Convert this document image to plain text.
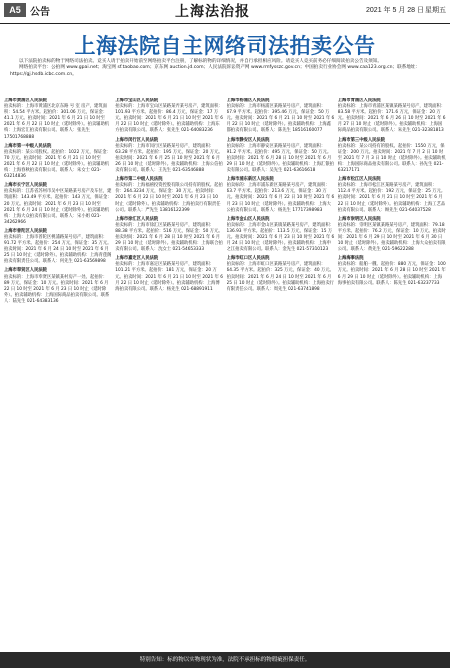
A5 公告	上海法治报	2021 年 5 月 28 日 星期五
上海法院自主网络司法拍卖公告

以下法院拍卖标的物于网络司法拍卖。竞买人请于拍卖开始前至网络拍卖平台注册，了解标的物的详细情况，并自行承担相应风险。请竞买人竞买前务必仔细阅读拍卖公告及须知。

网络拍卖平台：公拍网 www.gpai.net；淘宝网 sf.taobao.com；京东网 auction.jd.com；人民法院诉讼资产网 www.rmfysszc.gov.cn；中国拍卖行业协会网 www.caa123.org.cn；联系地址：https://gj.hsdb.icbc.com.cn。

上海市黄浦区人民法院
拍卖标的：上海市黄浦区北京东路 号 室 房产，建筑面积：54.54 平方米。起拍价：301.06 万元，保证金：41.1 万元。拍卖时间：2021 年 6 月 21 日 10 时至 2021 年 6 月 22 日 10 时止（延时除外）。拍卖辅助机构：上海宏汇拍卖有限公司。联系人：张先生 17501768888
上海市第一中级人民法院
拍卖标的：某公司股权。起拍价：1022 万元，保证金：70 万元。拍卖时间：2021 年 6 月 21 日 10 时至 2021 年 6 月 22 日 10 时止（延时除外）。拍卖辅助机构：上海春秋拍卖有限公司。联系人：朱女士 021-63214836
上海市长宁区人民法院
拍卖标的：江苏省苏州市吴中区某路某号房产及车位，建筑面积：143.49 平方米。起拍价：143 万元，保证金：20 万元。拍卖时间：2021 年 6 月 23 日 10 时至 2021 年 6 月 24 日 10 时止（延时除外）。拍卖辅助机构：上海大众拍卖有限公司。联系人：宋小姐 021-34262966
上海市普陀区人民法院
拍卖标的：上海市普陀区桃浦路某号房产，建筑面积：91.72 平方米。起拍价：254 万元，保证金：35 万元。拍卖时间：2021 年 6 月 24 日 10 时至 2021 年 6 月 25 日 10 时止（延时除外）。拍卖辅助机构：上海青莲阁拍卖有限责任公司。联系人：何先生 021-63569898
上海市奉贤区人民法院
拍卖标的：上海市奉贤区某镇某村房产一处。起拍价：89 万元，保证金：10 万元。拍卖时间：2021 年 6 月 22 日 10 时至 2021 年 6 月 23 日 10 时止（延时除外）。拍卖辅助机构：上海国际商品拍卖有限公司。联系人：陆先生 021-64383136
上海市宝山区人民法院
拍卖标的：上海市宝山区某路某弄某号房产，建筑面积：101.93 平方米。起拍价：86.4 万元，保证金：17 万元。拍卖时间：2021 年 6 月 21 日 10 时至 2021 年 6 月 22 日 10 时止（延时除外）。拍卖辅助机构：上海东方拍卖有限公司。联系人：张先生 021-64083236
上海市闵行区人民法院
拍卖标的：上海市闵行区某路某号房产，建筑面积：63.28 平方米。起拍价：195 万元，保证金：20 万元。拍卖时间：2021 年 6 月 25 日 10 时至 2021 年 6 月 26 日 10 时止（延时除外）。拍卖辅助机构：上海公信拍卖有限公司。联系人：王先生 021-63546888
上海市第二中级人民法院
拍卖标的：上海福禧投资控股有限公司持有的股权。起拍价：264.3234 万元，保证金：30 万元。拍卖时间：2021 年 6 月 22 日 10 时至 2021 年 6 月 23 日 10 时止（延时除外）。拍卖辅助机构：上海拍卖行有限责任公司。联系人：严先生 13816122399
上海市徐汇区人民法院
拍卖标的：上海市徐汇区某路某号房产，建筑面积：88.38 平方米。起拍价：516 万元，保证金：50 万元。拍卖时间：2021 年 6 月 28 日 10 时至 2021 年 6 月 29 日 10 时止（延时除外）。拍卖辅助机构：上海联合拍卖有限公司。联系人：沈女士 021-54653333
上海市嘉定区人民法院
拍卖标的：上海市嘉定区某路某号房产，建筑面积：101.21 平方米。起拍价：181 万元，保证金：20 万元。拍卖时间：2021 年 6 月 21 日 10 时至 2021 年 6 月 22 日 10 时止（延时除外）。拍卖辅助机构：上海博海拍卖有限公司。联系人：杨先生 021-68891911
上海市杨浦区人民法院
拍卖标的：上海市杨浦区某路某号房产，建筑面积：67.9 平方米。起拍价：395.46 万元，保证金：50 万元。拍卖时间：2021 年 6 月 21 日 10 时至 2021 年 6 月 22 日 10 时止（延时除外）。拍卖辅助机构：上海鑫都拍卖有限公司。联系人：陈先生 18516160077
上海市静安区人民法院
拍卖标的：上海市静安区某路某号房产，建筑面积：91.2 平方米。起拍价：495 万元，保证金：50 万元。拍卖时间：2021 年 6 月 28 日 10 时至 2021 年 6 月 29 日 10 时止（延时除外）。拍卖辅助机构：上海汇银拍卖有限公司。联系人：吴先生 021-63616618
上海市浦东新区人民法院
拍卖标的：上海市浦东新区某路某号房产，建筑面积：63.7 平方米。起拍价：213.6 万元，保证金：30 万元。拍卖时间：2021 年 6 月 22 日 10 时至 2021 年 6 月 23 日 10 时止（延时除外）。拍卖辅助机构：上海大公拍卖有限公司。联系人：杨先生 17717398983
上海市金山区人民法院
拍卖标的：上海市金山区某镇某路某号房产，建筑面积：136.93 平方米。起拍价：113.5 万元，保证金：15 万元。拍卖时间：2021 年 6 月 23 日 10 时至 2021 年 6 月 24 日 10 时止（延时除外）。拍卖辅助机构：上海申之江拍卖有限公司。联系人：金先生 021-57310123
上海市虹口区人民法院
拍卖标的：上海市虹口区某路某号房产，建筑面积：64.35 平方米。起拍价：325 万元，保证金：40 万元。拍卖时间：2021 年 6 月 24 日 10 时至 2021 年 6 月 25 日 10 时止（延时除外）。拍卖辅助机构：上海拍卖行有限责任公司。联系人：周先生 021-63741898
上海市青浦区人民法院
拍卖标的：上海市青浦区某镇某路某号房产，建筑面积：83.58 平方米。起拍价：171.6 万元，保证金：20 万元。拍卖时间：2021 年 6 月 26 日 10 时至 2021 年 6 月 27 日 10 时止（延时除外）。拍卖辅助机构：上海国际商品拍卖有限公司。联系人：朱先生 021-32381813
上海市第三中级人民法院
拍卖标的：某公司持有的股权。起拍价：1550 万元，保证金：200 万元。拍卖时间：2021 年 7 月 2 日 10 时至 2021 年 7 月 3 日 10 时止（延时除外）。拍卖辅助机构：上海国际商品拍卖有限公司。联系人：孙先生 021-63217171
上海市松江区人民法院
拍卖标的：上海市松江区某路某号房产，建筑面积：112.4 平方米。起拍价：192 万元，保证金：25 万元。拍卖时间：2021 年 6 月 21 日 10 时至 2021 年 6 月 22 日 10 时止（延时除外）。拍卖辅助机构：上海工艺品拍卖有限公司。联系人：顾先生 021-64037528
上海市崇明区人民法院
拍卖标的：崇明区某镇某路某号房产，建筑面积：79.18 平方米。起拍价：76.2 万元，保证金：10 万元。拍卖时间：2021 年 6 月 29 日 10 时至 2021 年 6 月 30 日 10 时止（延时除外）。拍卖辅助机构：上海大众拍卖有限公司。联系人：黄先生 021-59622288
上海海事法院
拍卖标的：船舶一艘。起拍价：880 万元，保证金：100 万元。拍卖时间：2021 年 6 月 28 日 10 时至 2021 年 6 月 29 日 10 时止（延时除外）。拍卖辅助机构：上海海事拍卖有限公司。联系人：陈先生 021-63237733
特别告知：标的物以实物现状为准，法院不承担标的物瑕疵担保责任。
